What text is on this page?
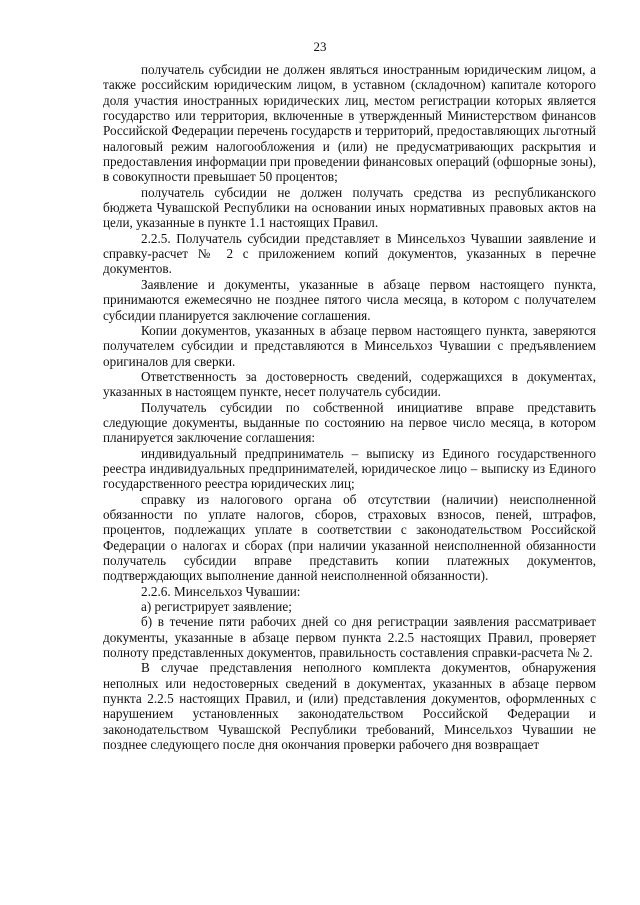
23

получатель субсидии не должен являться иностранным юридическим лицом, а также российским юридическим лицом, в уставном (складочном) капитале которого доля участия иностранных юридических лиц, местом регистрации которых является государство или территория, включенные в утвержденный Министерством финансов Российской Федерации перечень государств и территорий, предоставляющих льготный налоговый режим налогообложения и (или) не предусматривающих раскрытия и предоставления информации при проведении финансовых операций (офшорные зоны), в совокупности превышает 50 процентов;

получатель субсидии не должен получать средства из республиканского бюджета Чувашской Республики на основании иных нормативных правовых актов на цели, указанные в пункте 1.1 настоящих Правил.

2.2.5. Получатель субсидии представляет в Минсельхоз Чувашии заявление и справку-расчет № 2 с приложением копий документов, указанных в перечне документов.

Заявление и документы, указанные в абзаце первом настоящего пункта, принимаются ежемесячно не позднее пятого числа месяца, в котором с получателем субсидии планируется заключение соглашения.

Копии документов, указанных в абзаце первом настоящего пункта, заверяются получателем субсидии и представляются в Минсельхоз Чувашии с предъявлением оригиналов для сверки.

Ответственность за достоверность сведений, содержащихся в документах, указанных в настоящем пункте, несет получатель субсидии.

Получатель субсидии по собственной инициативе вправе представить следующие документы, выданные по состоянию на первое число месяца, в котором планируется заключение соглашения:

индивидуальный предприниматель – выписку из Единого государственного реестра индивидуальных предпринимателей, юридическое лицо – выписку из Единого государственного реестра юридических лиц;

справку из налогового органа об отсутствии (наличии) неисполненной обязанности по уплате налогов, сборов, страховых взносов, пеней, штрафов, процентов, подлежащих уплате в соответствии с законодательством Российской Федерации о налогах и сборах (при наличии указанной неисполненной обязанности получатель субсидии вправе представить копии платежных документов, подтверждающих выполнение данной неисполненной обязанности).

2.2.6. Минсельхоз Чувашии:

а) регистрирует заявление;

б) в течение пяти рабочих дней со дня регистрации заявления рассматривает документы, указанные в абзаце первом пункта 2.2.5 настоящих Правил, проверяет полноту представленных документов, правильность составления справки-расчета № 2.

В случае представления неполного комплекта документов, обнаружения неполных или недостоверных сведений в документах, указанных в абзаце первом пункта 2.2.5 настоящих Правил, и (или) представления документов, оформленных с нарушением установленных законодательством Российской Федерации и законодательством Чувашской Республики требований, Минсельхоз Чувашии не позднее следующего после дня окончания проверки рабочего дня возвращает
